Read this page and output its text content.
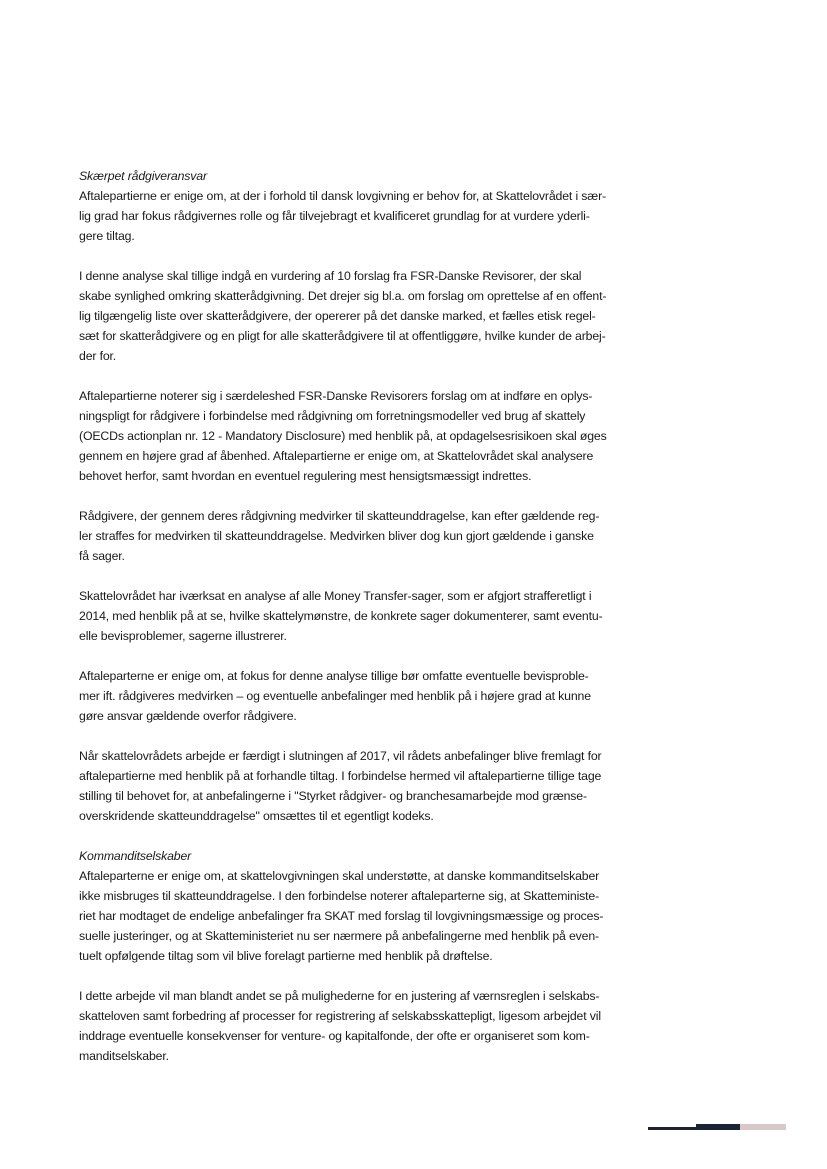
Skærpet rådgiveransvar
Aftalepartierne er enige om, at der i forhold til dansk lovgivning er behov for, at Skattelovrådet i sær-
lig grad har fokus rådgivernes rolle og får tilvejebragt et kvalificeret grundlag for at vurdere yderli-
gere tiltag.
I denne analyse skal tillige indgå en vurdering af 10 forslag fra FSR-Danske Revisorer, der skal
skabe synlighed omkring skatterådgivning. Det drejer sig bl.a. om forslag om oprettelse af en offent-
lig tilgængelig liste over skatterådgivere, der opererer på det danske marked, et fælles etisk regel-
sæt for skatterådgivere og en pligt for alle skatterådgivere til at offentliggøre, hvilke kunder de arbej-
der for.
Aftalepartierne noterer sig i særdeleshed FSR-Danske Revisorers forslag om at indføre en oplys-
ningspligt for rådgivere i forbindelse med rådgivning om forretningsmodeller ved brug af skattely
(OECDs actionplan nr. 12 - Mandatory Disclosure) med henblik på, at opdagelsesrisikoen skal øges
gennem en højere grad af åbenhed. Aftalepartierne er enige om, at Skattelovrådet skal analysere
behovet herfor, samt hvordan en eventuel regulering mest hensigtsmæssigt indrettes.
Rådgivere, der gennem deres rådgivning medvirker til skatteunddragelse, kan efter gældende reg-
ler straffes for medvirken til skatteunddragelse. Medvirken bliver dog kun gjort gældende i ganske
få sager.
Skattelovrådet har iværksat en analyse af alle Money Transfer-sager, som er afgjort strafferetligt i
2014, med henblik på at se, hvilke skattelymønstre, de konkrete sager dokumenterer, samt eventu-
elle bevisproblemer, sagerne illustrerer.
Aftaleparterne er enige om, at fokus for denne analyse tillige bør omfatte eventuelle bevisproble-
mer ift. rådgiveres medvirken – og eventuelle anbefalinger med henblik på i højere grad at kunne
gøre ansvar gældende overfor rådgivere.
Når skattelovrådets arbejde er færdigt i slutningen af 2017, vil rådets anbefalinger blive fremlagt for
aftalepartierne med henblik på at forhandle tiltag. I forbindelse hermed vil aftalepartierne tillige tage
stilling til behovet for, at anbefalingerne i "Styrket rådgiver- og branchesamarbejde mod grænse-
overskridende skatteunddragelse" omsættes til et egentligt kodeks.
Kommanditselskaber
Aftaleparterne er enige om, at skattelovgivningen skal understøtte, at danske kommanditselskaber
ikke misbruges til skatteunddragelse. I den forbindelse noterer aftaleparterne sig, at Skatteministe-
riet har modtaget de endelige anbefalinger fra SKAT med forslag til lovgivningsmæssige og proces-
suelle justeringer, og at Skatteministeriet nu ser nærmere på anbefalingerne med henblik på even-
tuelt opfølgende tiltag som vil blive forelagt partierne med henblik på drøftelse.
I dette arbejde vil man blandt andet se på mulighederne for en justering af værnsreglen i selskabs-
skatteloven samt forbedring af processer for registrering af selskabsskattepligt, ligesom arbejdet vil
inddrage eventuelle konsekvenser for venture- og kapitalfonde, der ofte er organiseret som kom-
manditselskaber.
